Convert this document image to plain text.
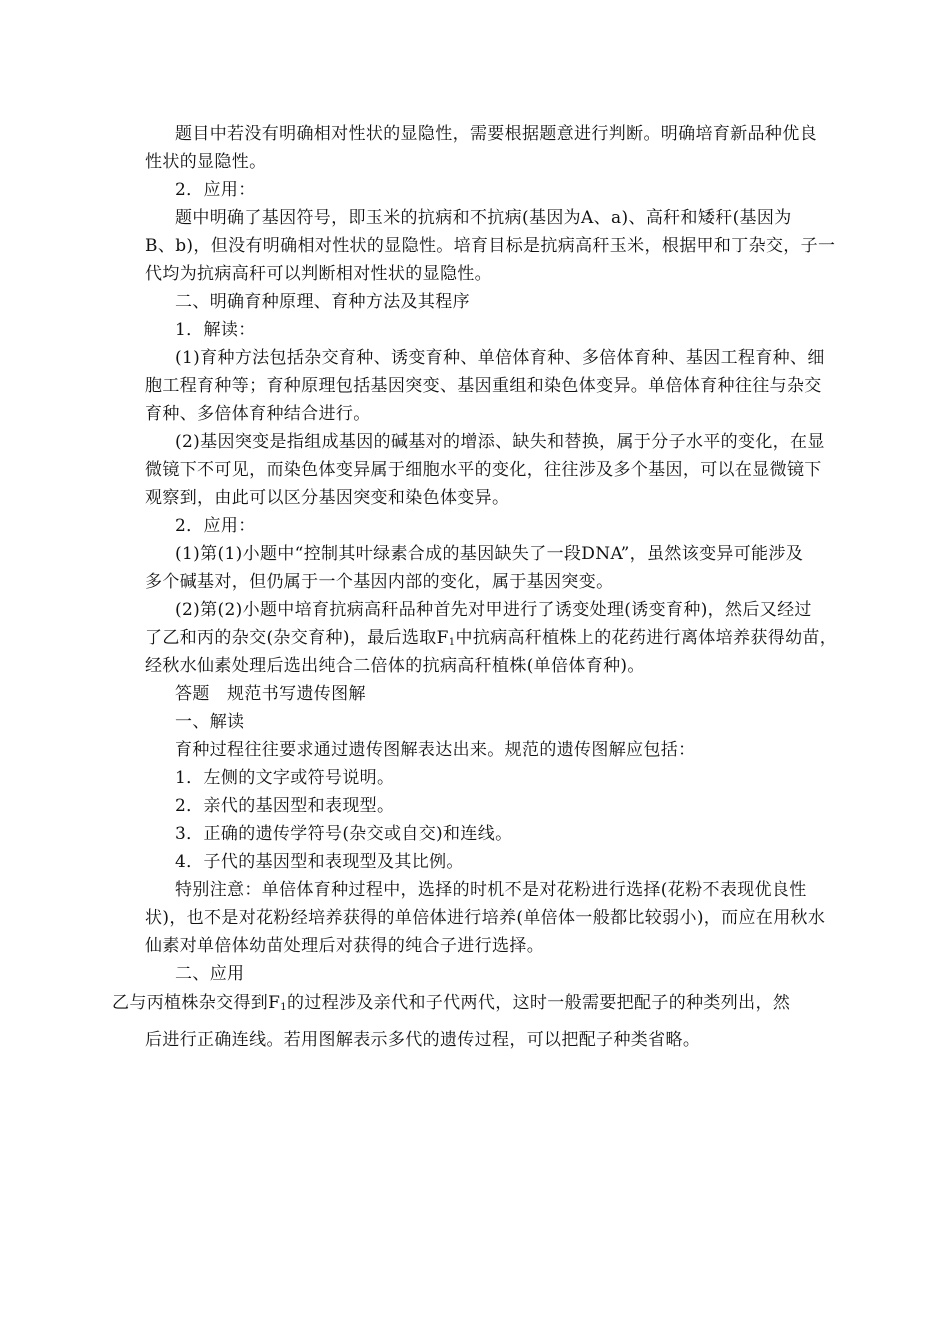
题目中若没有明确相对性状的显隐性，需要根据题意进行判断。明确培育新品种优良
性状的显隐性。
2．应用：
题中明确了基因符号，即玉米的抗病和不抗病(基因为A、a)、高秆和矮秆(基因为
B、b)，但没有明确相对性状的显隐性。培育目标是抗病高秆玉米，根据甲和丁杂交，子一
代均为抗病高秆可以判断相对性状的显隐性。
二、明确育种原理、育种方法及其程序
1．解读：
(1)育种方法包括杂交育种、诱变育种、单倍体育种、多倍体育种、基因工程育种、细
胞工程育种等；育种原理包括基因突变、基因重组和染色体变异。单倍体育种往往与杂交
育种、多倍体育种结合进行。
(2)基因突变是指组成基因的碱基对的增添、缺失和替换，属于分子水平的变化，在显
微镜下不可见，而染色体变异属于细胞水平的变化，往往涉及多个基因，可以在显微镜下
观察到，由此可以区分基因突变和染色体变异。
2．应用：
(1)第(1)小题中“控制其叶绿素合成的基因缺失了一段DNA”，虽然该变异可能涉及
多个碱基对，但仍属于一个基因内部的变化，属于基因突变。
(2)第(2)小题中培育抗病高秆品种首先对甲进行了诱变处理(诱变育种)，然后又经过
了乙和丙的杂交(杂交育种)，最后选取$F_1$中抗病高秆植株上的花药进行离体培养获得幼苗，
经秋水仙素处理后选出纯合二倍体的抗病高秆植株(单倍体育种)。
答题　规范书写遗传图解
一、解读
育种过程往往要求通过遗传图解表达出来。规范的遗传图解应包括：
1．左侧的文字或符号说明。
2．亲代的基因型和表现型。
3．正确的遗传学符号(杂交或自交)和连线。
4．子代的基因型和表现型及其比例。
特别注意：单倍体育种过程中，选择的时机不是对花粉进行选择(花粉不表现优良性
状)，也不是对花粉经培养获得的单倍体进行培养(单倍体一般都比较弱小)，而应在用秋水
仙素对单倍体幼苗处理后对获得的纯合子进行选择。
二、应用
乙与丙植株杂交得到$F_1$的过程涉及亲代和子代两代，这时一般需要把配子的种类列出，然
后进行正确连线。若用图解表示多代的遗传过程，可以把配子种类省略。
